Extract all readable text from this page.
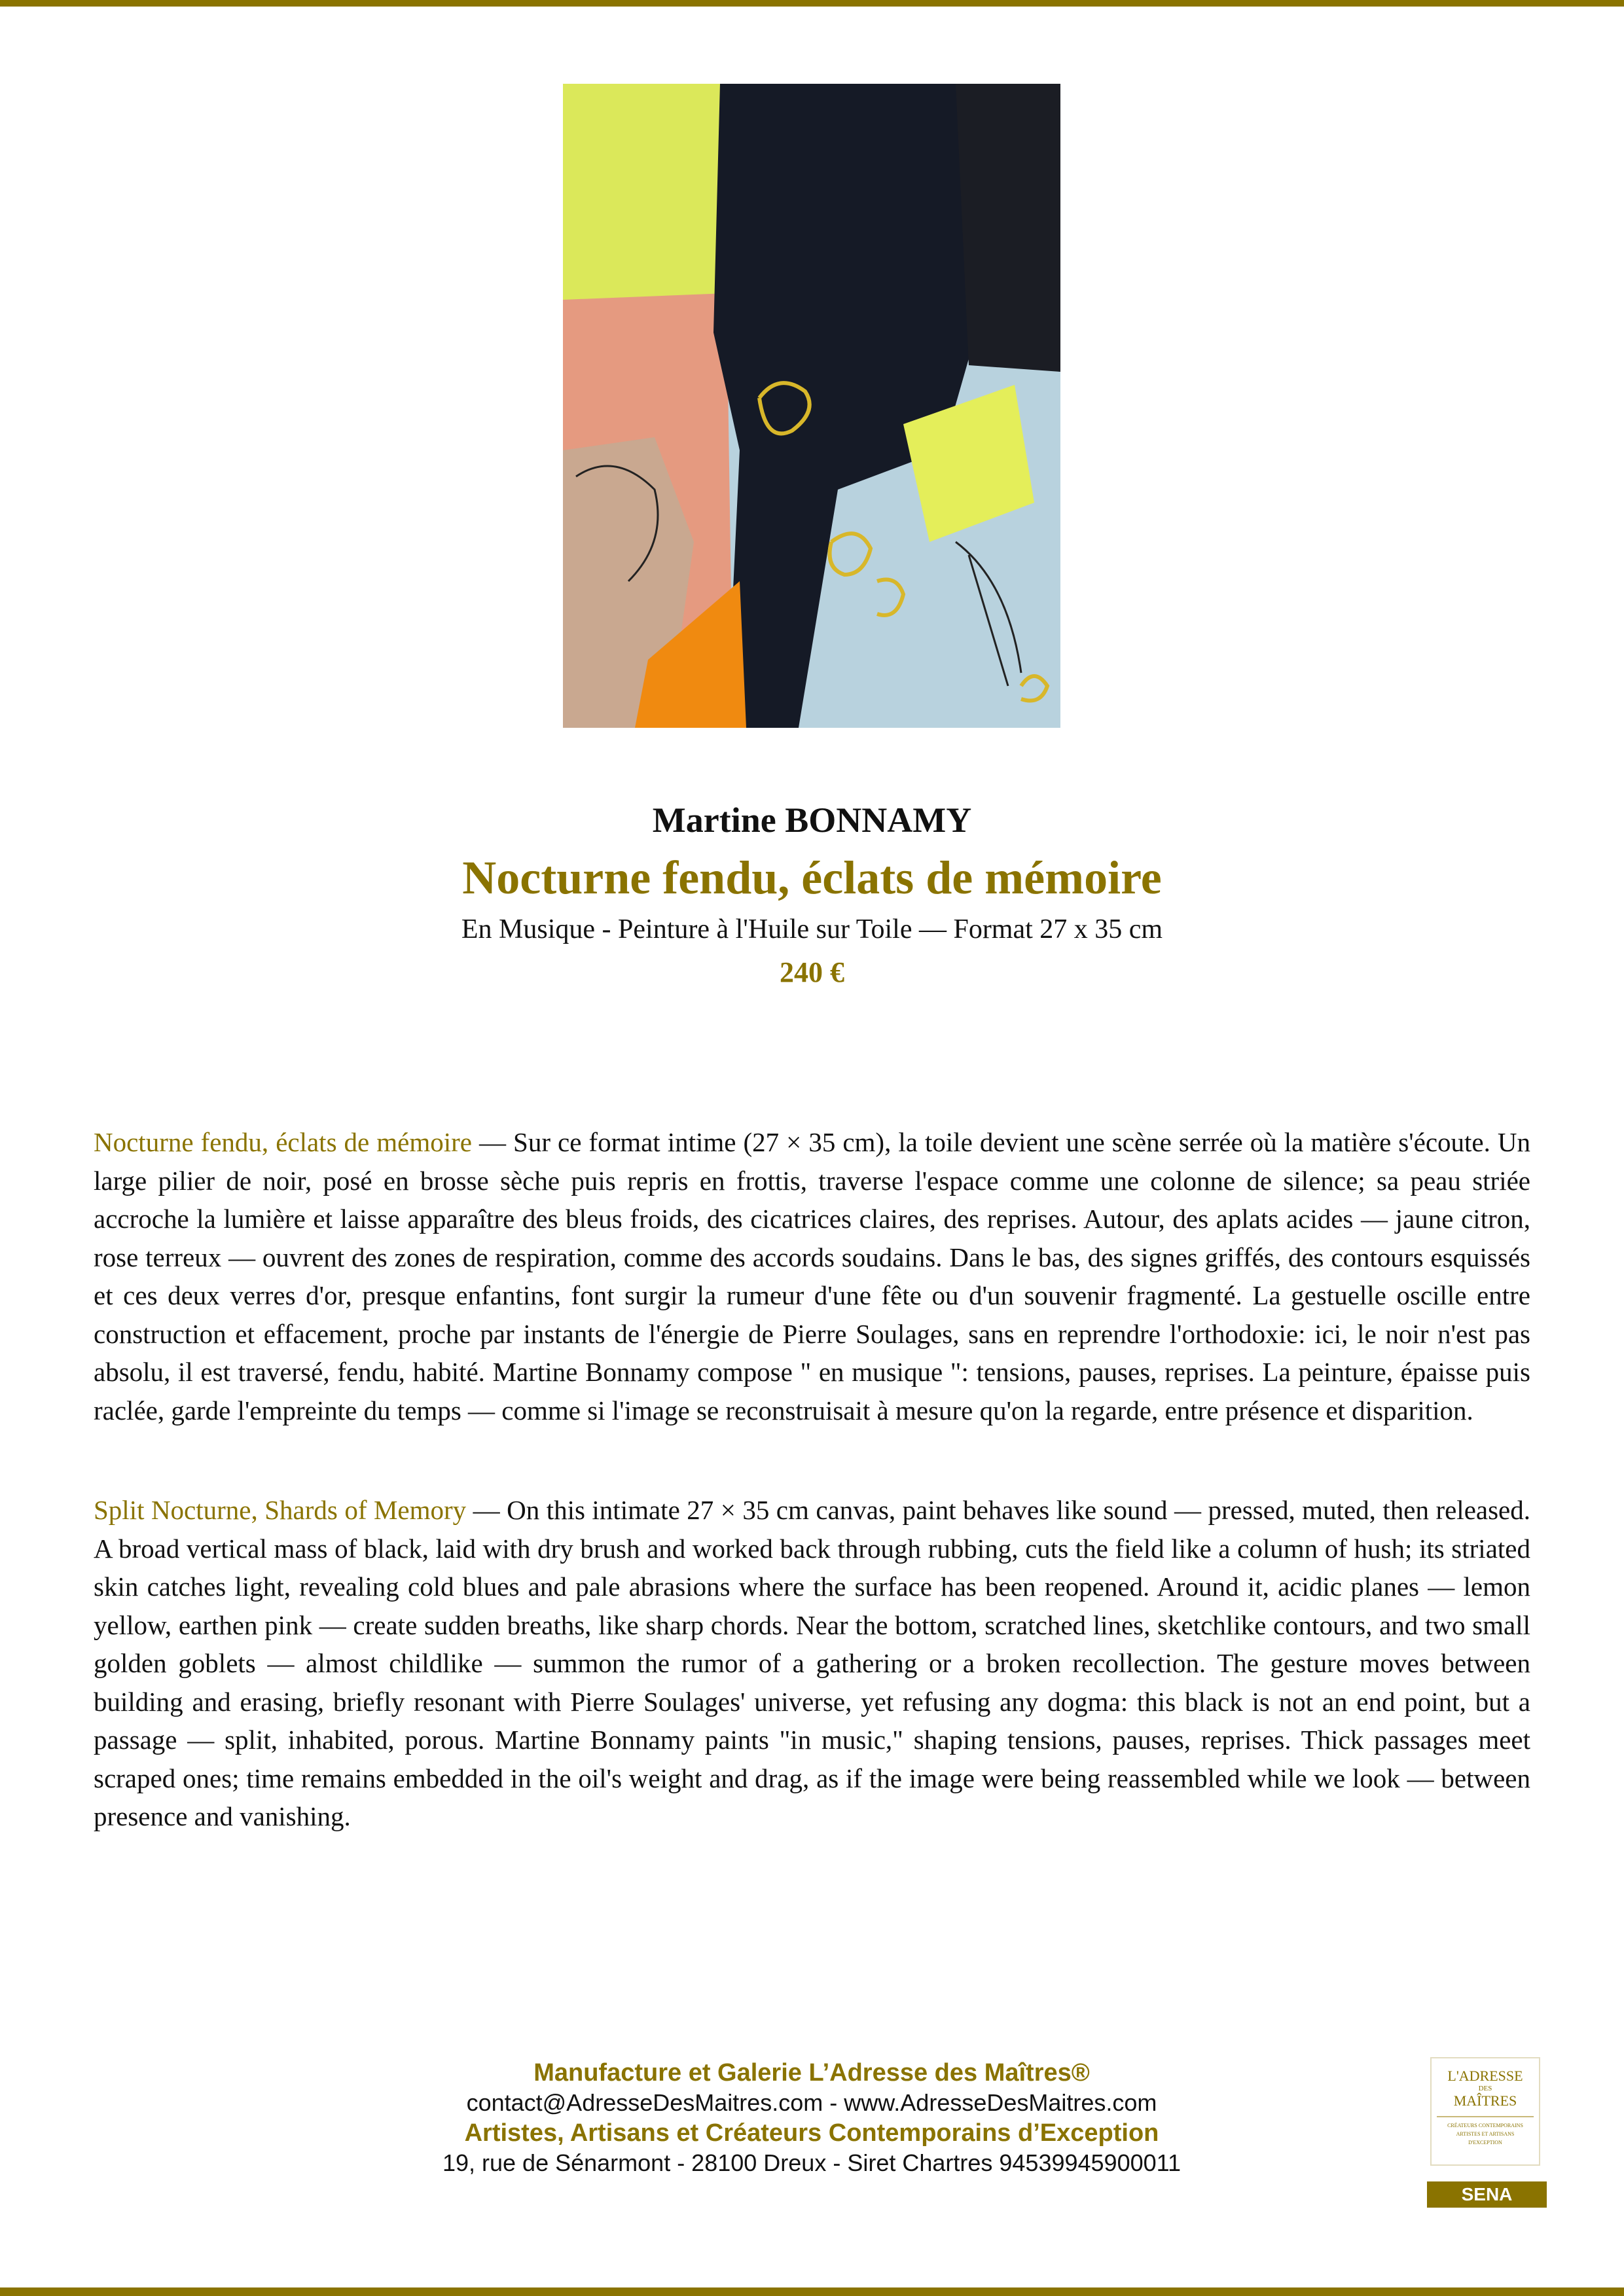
Martine BONNAMY
Nocturne fendu, éclats de mémoire
En Musique - Peinture à l'Huile sur Toile — Format 27 x 35 cm
240 €

Nocturne fendu, éclats de mémoire — Sur ce format intime (27 × 35 cm), la toile devient une scène serrée où la matière s'écoute. Un large pilier de noir, posé en brosse sèche puis repris en frottis, traverse l'espace comme une colonne de silence; sa peau striée accroche la lumière et laisse apparaître des bleus froids, des cicatrices claires, des reprises. Autour, des aplats acides — jaune citron, rose terreux — ouvrent des zones de respiration, comme des accords soudains. Dans le bas, des signes griffés, des contours esquissés et ces deux verres d'or, presque enfantins, font surgir la rumeur d'une fête ou d'un souvenir fragmenté. La gestuelle oscille entre construction et effacement, proche par instants de l'énergie de Pierre Soulages, sans en reprendre l'orthodoxie: ici, le noir n'est pas absolu, il est traversé, fendu, habité. Martine Bonnamy compose " en musique ": tensions, pauses, reprises. La peinture, épaisse puis raclée, garde l'empreinte du temps — comme si l'image se reconstruisait à mesure qu'on la regarde, entre présence et disparition.

Split Nocturne, Shards of Memory — On this intimate 27 × 35 cm canvas, paint behaves like sound — pressed, muted, then released. A broad vertical mass of black, laid with dry brush and worked back through rubbing, cuts the field like a column of hush; its striated skin catches light, revealing cold blues and pale abrasions where the surface has been reopened. Around it, acidic planes — lemon yellow, earthen pink — create sudden breaths, like sharp chords. Near the bottom, scratched lines, sketchlike contours, and two small golden goblets — almost childlike — summon the rumor of a gathering or a broken recollection. The gesture moves between building and erasing, briefly resonant with Pierre Soulages' universe, yet refusing any dogma: this black is not an end point, but a passage — split, inhabited, porous. Martine Bonnamy paints "in music," shaping tensions, pauses, reprises. Thick passages meet scraped ones; time remains embedded in the oil's weight and drag, as if the image were being reassembled while we look — between presence and vanishing.

Manufacture et Galerie L’Adresse des Maîtres®
contact@AdresseDesMaitres.com - www.AdresseDesMaitres.com
Artistes, Artisans et Créateurs Contemporains d’Exception
19, rue de Sénarmont - 28100 Dreux - Siret Chartres 94539945900011
L'ADRESSE
DES
MAÎTRES
CRÉATEURS CONTEMPORAINS
ARTISTES ET ARTISANS
D'EXCEPTION
SENA
